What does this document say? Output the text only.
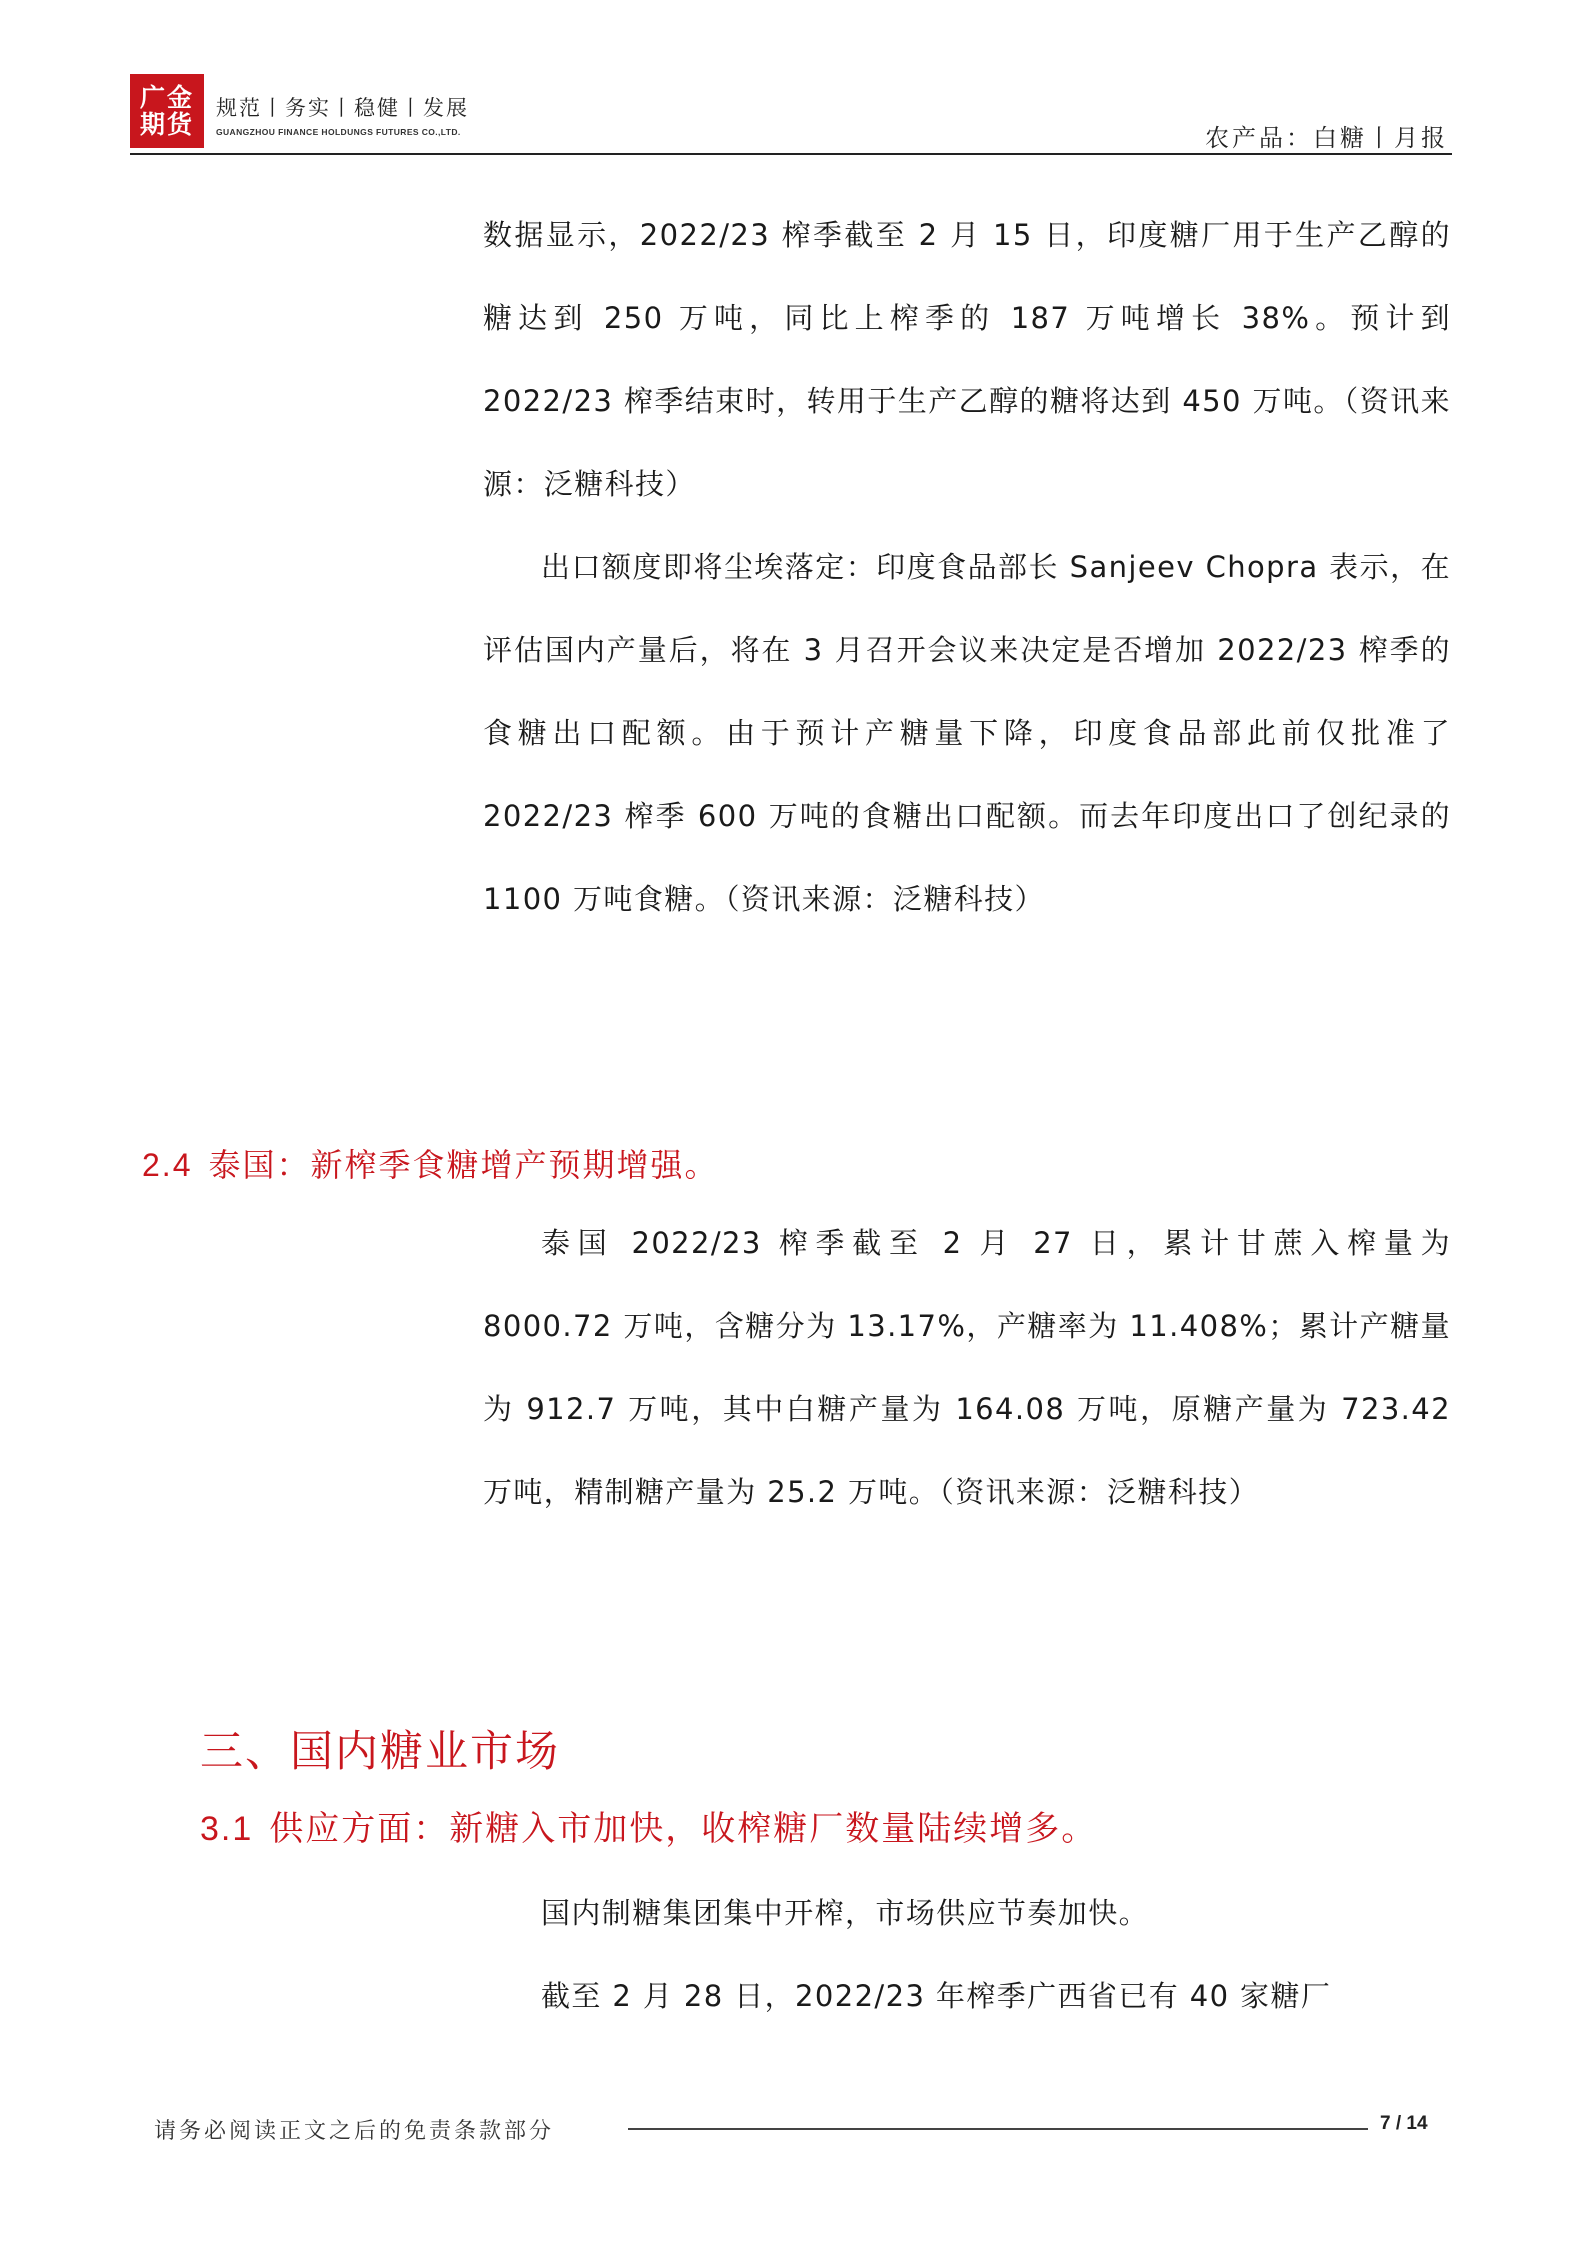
广金
期货
规范丨务实丨稳健丨发展
GUANGZHOU FINANCE HOLDUNGS FUTURES CO.,LTD.	农产品：白糖丨月报

数据显示，2022/23 榨季截至 2 月 15 日，印度糖厂用于生产乙醇的糖达到 250 万吨，同比上榨季的 187 万吨增长 38%。预计到 2022/23 榨季结束时，转用于生产乙醇的糖将达到 450 万吨。（资讯来源：泛糖科技）

出口额度即将尘埃落定：印度食品部长 Sanjeev Chopra 表示，在评估国内产量后，将在 3 月召开会议来决定是否增加 2022/23 榨季的食糖出口配额。由于预计产糖量下降，印度食品部此前仅批准了 2022/23 榨季 600 万吨的食糖出口配额。而去年印度出口了创纪录的 1100 万吨食糖。（资讯来源：泛糖科技）

2.4 泰国：新榨季食糖增产预期增强。

泰国 2022/23 榨季截至 2 月 27 日，累计甘蔗入榨量为 8000.72 万吨，含糖分为 13.17%，产糖率为 11.408%；累计产糖量为 912.7 万吨，其中白糖产量为 164.08 万吨，原糖产量为 723.42 万吨，精制糖产量为 25.2 万吨。（资讯来源：泛糖科技）

三、国内糖业市场
3.1 供应方面：新糖入市加快，收榨糖厂数量陆续增多。

国内制糖集团集中开榨，市场供应节奏加快。

截至 2 月 28 日，2022/23 年榨季广西省已有 40 家糖厂

请务必阅读正文之后的免责条款部分	7 / 14
